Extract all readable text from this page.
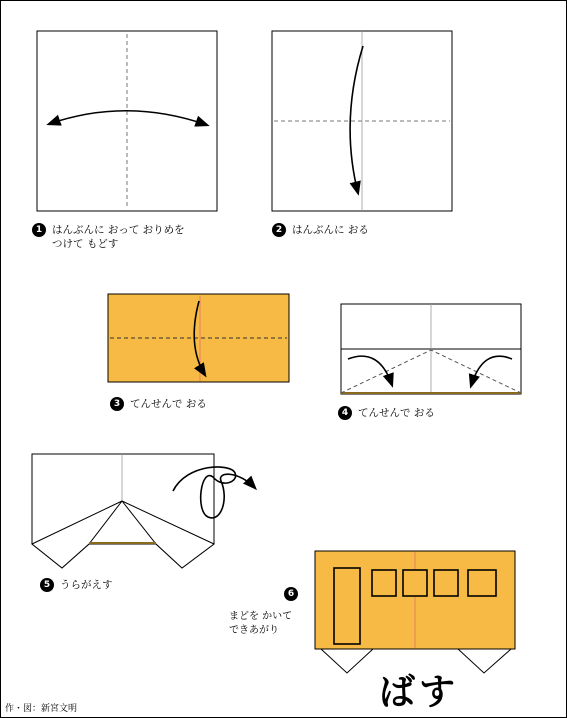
1 はんぶんに おって おりめを
つけて もどす
2 はんぶんに おる
3 てんせんで おる
4 てんせんで おる
5 うらがえす
6
まどを かいて
できあがり
ばす
作・図：新宮文明
